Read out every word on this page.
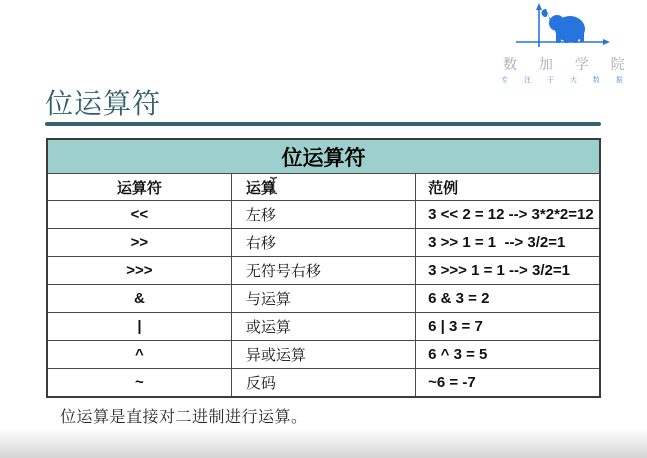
数 加 学 院
专 注 于 大 数 据
位运算符
位运算符		
运算符	运算	范例
<<	左移	3 << 2 = 12 --> 3*2*2=12
>>	右移	3 >> 1 = 1  --> 3/2=1
>>>	无符号右移	3 >>> 1 = 1 --> 3/2=1
&	与运算	6 & 3 = 2
|	或运算	6 | 3 = 7
^	异或运算	6 ^ 3 = 5
~	反码	~6 = -7
位运算是直接对二进制进行运算。
